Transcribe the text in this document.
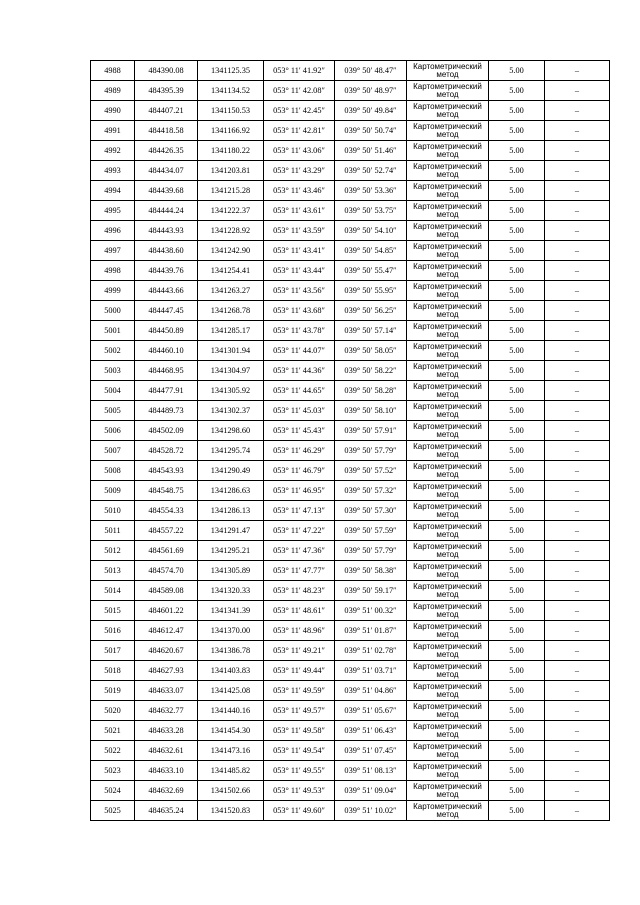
4988	484390.08	1341125.35	053° 11′ 41.92″	039° 50′ 48.47″	Картометрический метод	5.00	–
4989	484395.39	1341134.52	053° 11′ 42.08″	039° 50′ 48.97″	Картометрический метод	5.00	–
4990	484407.21	1341150.53	053° 11′ 42.45″	039° 50′ 49.84″	Картометрический метод	5.00	–
4991	484418.58	1341166.92	053° 11′ 42.81″	039° 50′ 50.74″	Картометрический метод	5.00	–
4992	484426.35	1341180.22	053° 11′ 43.06″	039° 50′ 51.46″	Картометрический метод	5.00	–
4993	484434.07	1341203.81	053° 11′ 43.29″	039° 50′ 52.74″	Картометрический метод	5.00	–
4994	484439.68	1341215.28	053° 11′ 43.46″	039° 50′ 53.36″	Картометрический метод	5.00	–
4995	484444.24	1341222.37	053° 11′ 43.61″	039° 50′ 53.75″	Картометрический метод	5.00	–
4996	484443.93	1341228.92	053° 11′ 43.59″	039° 50′ 54.10″	Картометрический метод	5.00	–
4997	484438.60	1341242.90	053° 11′ 43.41″	039° 50′ 54.85″	Картометрический метод	5.00	–
4998	484439.76	1341254.41	053° 11′ 43.44″	039° 50′ 55.47″	Картометрический метод	5.00	–
4999	484443.66	1341263.27	053° 11′ 43.56″	039° 50′ 55.95″	Картометрический метод	5.00	–
5000	484447.45	1341268.78	053° 11′ 43.68″	039° 50′ 56.25″	Картометрический метод	5.00	–
5001	484450.89	1341285.17	053° 11′ 43.78″	039° 50′ 57.14″	Картометрический метод	5.00	–
5002	484460.10	1341301.94	053° 11′ 44.07″	039° 50′ 58.05″	Картометрический метод	5.00	–
5003	484468.95	1341304.97	053° 11′ 44.36″	039° 50′ 58.22″	Картометрический метод	5.00	–
5004	484477.91	1341305.92	053° 11′ 44.65″	039° 50′ 58.28″	Картометрический метод	5.00	–
5005	484489.73	1341302.37	053° 11′ 45.03″	039° 50′ 58.10″	Картометрический метод	5.00	–
5006	484502.09	1341298.60	053° 11′ 45.43″	039° 50′ 57.91″	Картометрический метод	5.00	–
5007	484528.72	1341295.74	053° 11′ 46.29″	039° 50′ 57.79″	Картометрический метод	5.00	–
5008	484543.93	1341290.49	053° 11′ 46.79″	039° 50′ 57.52″	Картометрический метод	5.00	–
5009	484548.75	1341286.63	053° 11′ 46.95″	039° 50′ 57.32″	Картометрический метод	5.00	–
5010	484554.33	1341286.13	053° 11′ 47.13″	039° 50′ 57.30″	Картометрический метод	5.00	–
5011	484557.22	1341291.47	053° 11′ 47.22″	039° 50′ 57.59″	Картометрический метод	5.00	–
5012	484561.69	1341295.21	053° 11′ 47.36″	039° 50′ 57.79″	Картометрический метод	5.00	–
5013	484574.70	1341305.89	053° 11′ 47.77″	039° 50′ 58.38″	Картометрический метод	5.00	–
5014	484589.08	1341320.33	053° 11′ 48.23″	039° 50′ 59.17″	Картометрический метод	5.00	–
5015	484601.22	1341341.39	053° 11′ 48.61″	039° 51′ 00.32″	Картометрический метод	5.00	–
5016	484612.47	1341370.00	053° 11′ 48.96″	039° 51′ 01.87″	Картометрический метод	5.00	–
5017	484620.67	1341386.78	053° 11′ 49.21″	039° 51′ 02.78″	Картометрический метод	5.00	–
5018	484627.93	1341403.83	053° 11′ 49.44″	039° 51′ 03.71″	Картометрический метод	5.00	–
5019	484633.07	1341425.08	053° 11′ 49.59″	039° 51′ 04.86″	Картометрический метод	5.00	–
5020	484632.77	1341440.16	053° 11′ 49.57″	039° 51′ 05.67″	Картометрический метод	5.00	–
5021	484633.28	1341454.30	053° 11′ 49.58″	039° 51′ 06.43″	Картометрический метод	5.00	–
5022	484632.61	1341473.16	053° 11′ 49.54″	039° 51′ 07.45″	Картометрический метод	5.00	–
5023	484633.10	1341485.82	053° 11′ 49.55″	039° 51′ 08.13″	Картометрический метод	5.00	–
5024	484632.69	1341502.66	053° 11′ 49.53″	039° 51′ 09.04″	Картометрический метод	5.00	–
5025	484635.24	1341520.83	053° 11′ 49.60″	039° 51′ 10.02″	Картометрический метод	5.00	–
